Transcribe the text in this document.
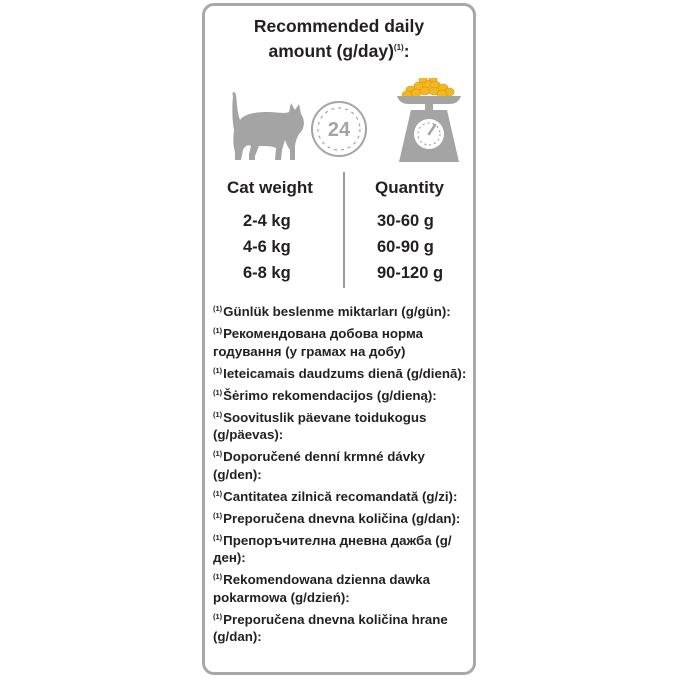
Recommended daily
amount $(g/day)^{(1)}$:
24
Cat weight	Quantity
2-4 kg	30-60 g
4-6 kg	60-90 g
6-8 kg	90-120 g
$^{(1)}$Günlük beslenme miktarları (g/gün):
$^{(1)}$Рекомендована добова норма годування (у грамах на добу)
$^{(1)}$Ieteicamais daudzums dienā (g/dienā):
$^{(1)}$Šėrimo rekomendacijos (g/dieną):
$^{(1)}$Soovituslik päevane toidukogus (g/päevas):
$^{(1)}$Doporučené denní krmné dávky (g/den):
$^{(1)}$Cantitatea zilnică recomandată (g/zi):
$^{(1)}$Preporučena dnevna količina (g/dan):
$^{(1)}$Препоръчителна дневна дажба (g/ден):
$^{(1)}$Rekomendowana dzienna dawka pokarmowa (g/dzień):
$^{(1)}$Preporučena dnevna količina hrane (g/dan):
